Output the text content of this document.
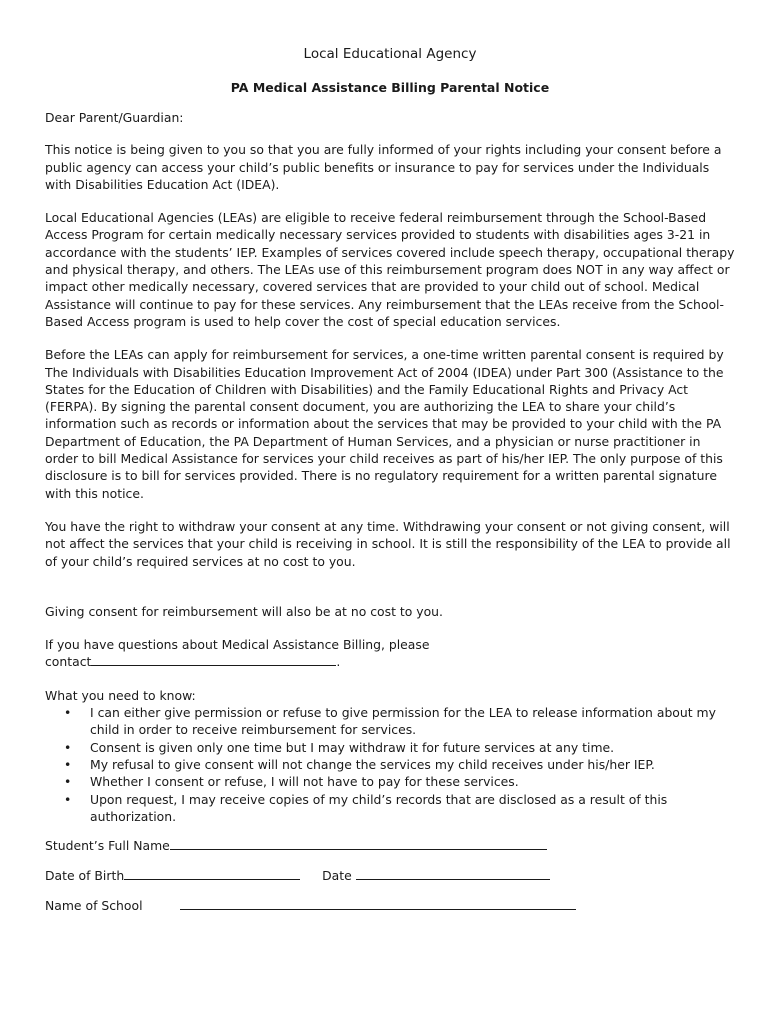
Local Educational Agency
PA Medical Assistance Billing Parental Notice

Dear Parent/Guardian:

This notice is being given to you so that you are fully informed of your rights including your consent before a public agency can access your child’s public benefits or insurance to pay for services under the Individuals with Disabilities Education Act (IDEA).

Local Educational Agencies (LEAs) are eligible to receive federal reimbursement through the School-Based Access Program for certain medically necessary services provided to students with disabilities ages 3-21 in accordance with the students’ IEP. Examples of services covered include speech therapy, occupational therapy and physical therapy, and others. The LEAs use of this reimbursement program does NOT in any way affect or impact other medically necessary, covered services that are provided to your child out of school. Medical Assistance will continue to pay for these services. Any reimbursement that the LEAs receive from the School-Based Access program is used to help cover the cost of special education services.

Before the LEAs can apply for reimbursement for services, a one-time written parental consent is required by The Individuals with Disabilities Education Improvement Act of 2004 (IDEA) under Part 300 (Assistance to the States for the Education of Children with Disabilities) and the Family Educational Rights and Privacy Act (FERPA). By signing the parental consent document, you are authorizing the LEA to share your child’s information such as records or information about the services that may be provided to your child with the PA Department of Education, the PA Department of Human Services, and a physician or nurse practitioner in order to bill Medical Assistance for services your child receives as part of his/her IEP. The only purpose of this disclosure is to bill for services provided. There is no regulatory requirement for a written parental signature with this notice.

You have the right to withdraw your consent at any time. Withdrawing your consent or not giving consent, will not affect the services that your child is receiving in school. It is still the responsibility of the LEA to provide all of your child’s required services at no cost to you.

Giving consent for reimbursement will also be at no cost to you.

If you have questions about Medical Assistance Billing, please
contact	.

What you need to know:

• I can either give permission or refuse to give permission for the LEA to release information about my child in order to receive reimbursement for services.
• Consent is given only one time but I may withdraw it for future services at any time.
• My refusal to give consent will not change the services my child receives under his/her IEP.
• Whether I consent or refuse, I will not have to pay for these services.
• Upon request, I may receive copies of my child’s records that are disclosed as a result of this authorization.
Student’s Full Name
Date of Birth	Date
Name of School
